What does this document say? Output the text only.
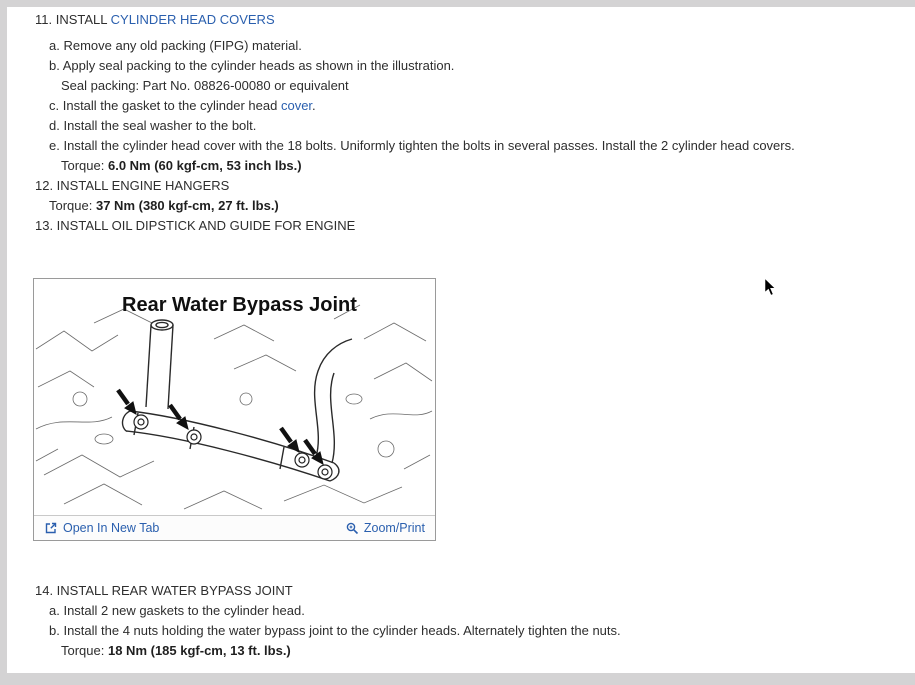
11. INSTALL CYLINDER HEAD COVERS
a. Remove any old packing (FIPG) material.
b. Apply seal packing to the cylinder heads as shown in the illustration.
Seal packing: Part No. 08826-00080 or equivalent
c. Install the gasket to the cylinder head cover.
d. Install the seal washer to the bolt.
e. Install the cylinder head cover with the 18 bolts. Uniformly tighten the bolts in several passes. Install the 2 cylinder head covers.
Torque: 6.0 Nm (60 kgf-cm, 53 inch lbs.)
12. INSTALL ENGINE HANGERS
Torque: 37 Nm (380 kgf-cm, 27 ft. lbs.)
13. INSTALL OIL DIPSTICK AND GUIDE FOR ENGINE
Rear Water Bypass Joint
Open In New Tab	Zoom/Print
14. INSTALL REAR WATER BYPASS JOINT
a. Install 2 new gaskets to the cylinder head.
b. Install the 4 nuts holding the water bypass joint to the cylinder heads. Alternately tighten the nuts.
Torque: 18 Nm (185 kgf-cm, 13 ft. lbs.)
